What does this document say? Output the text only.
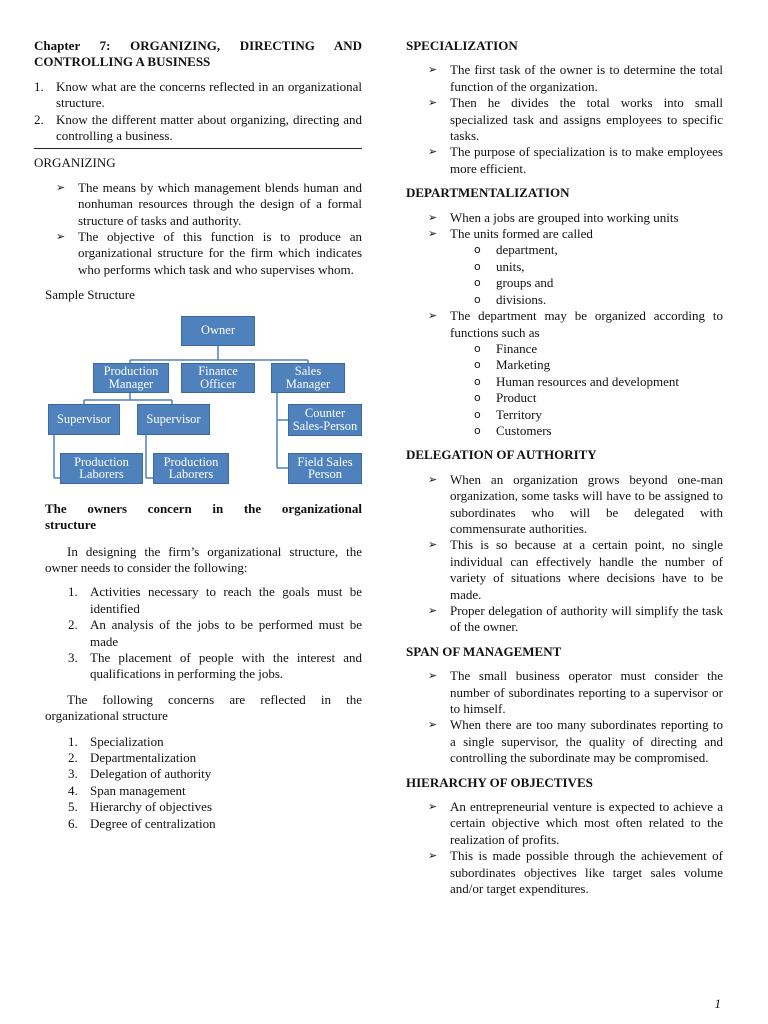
Chapter 7: ORGANIZING, DIRECTING AND CONTROLLING A BUSINESS

1. Know what are the concerns reflected in an organizational structure.
2. Know the different matter about organizing, directing and controlling a business.

ORGANIZING

➢ The means by which management blends human and nonhuman resources through the design of a formal structure of tasks and authority.
➢ The objective of this function is to produce an organizational structure for the firm which indicates who performs which task and who supervises whom.

Sample Structure

Owner
Production Manager
Finance Officer
Sales Manager
Supervisor	Supervisor	Counter Sales-Person
Production Laborers
Production Laborers
Field Sales Person

The owners concern in the organizational

structure

In designing the firm’s organizational structure, the owner needs to consider the following:

1. Activities necessary to reach the goals must be identified
2. An analysis of the jobs to be performed must be made
3. The placement of people with the interest and qualifications in performing the jobs.

The following concerns are reflected in the organizational structure

1. Specialization
2. Departmentalization
3. Delegation of authority
4. Span management
5. Hierarchy of objectives
6. Degree of centralization

SPECIALIZATION

➢ The first task of the owner is to determine the total function of the organization.
➢ Then he divides the total works into small specialized task and assigns employees to specific tasks.
➢ The purpose of specialization is to make employees more efficient.

DEPARTMENTALIZATION

➢ When a jobs are grouped into working units
➢ The units formed are called
o department,
o units,
o groups and
o divisions.
➢ The department may be organized according to functions such as
o Finance
o Marketing
o Human resources and development
o Product
o Territory
o Customers

DELEGATION OF AUTHORITY

➢ When an organization grows beyond one-man organization, some tasks will have to be assigned to subordinates who will be delegated with commensurate authorities.
➢ This is so because at a certain point, no single individual can effectively handle the number of variety of situations where decisions have to be made.
➢ Proper delegation of authority will simplify the task of the owner.

SPAN OF MANAGEMENT

➢ The small business operator must consider the number of subordinates reporting to a supervisor or to himself.
➢ When there are too many subordinates reporting to a single supervisor, the quality of directing and controlling the subordinate may be compromised.

HIERARCHY OF OBJECTIVES

➢ An entrepreneurial venture is expected to achieve a certain objective which most often related to the realization of profits.
➢ This is made possible through the achievement of subordinates objectives like target sales volume and/or target expenditures.
1
